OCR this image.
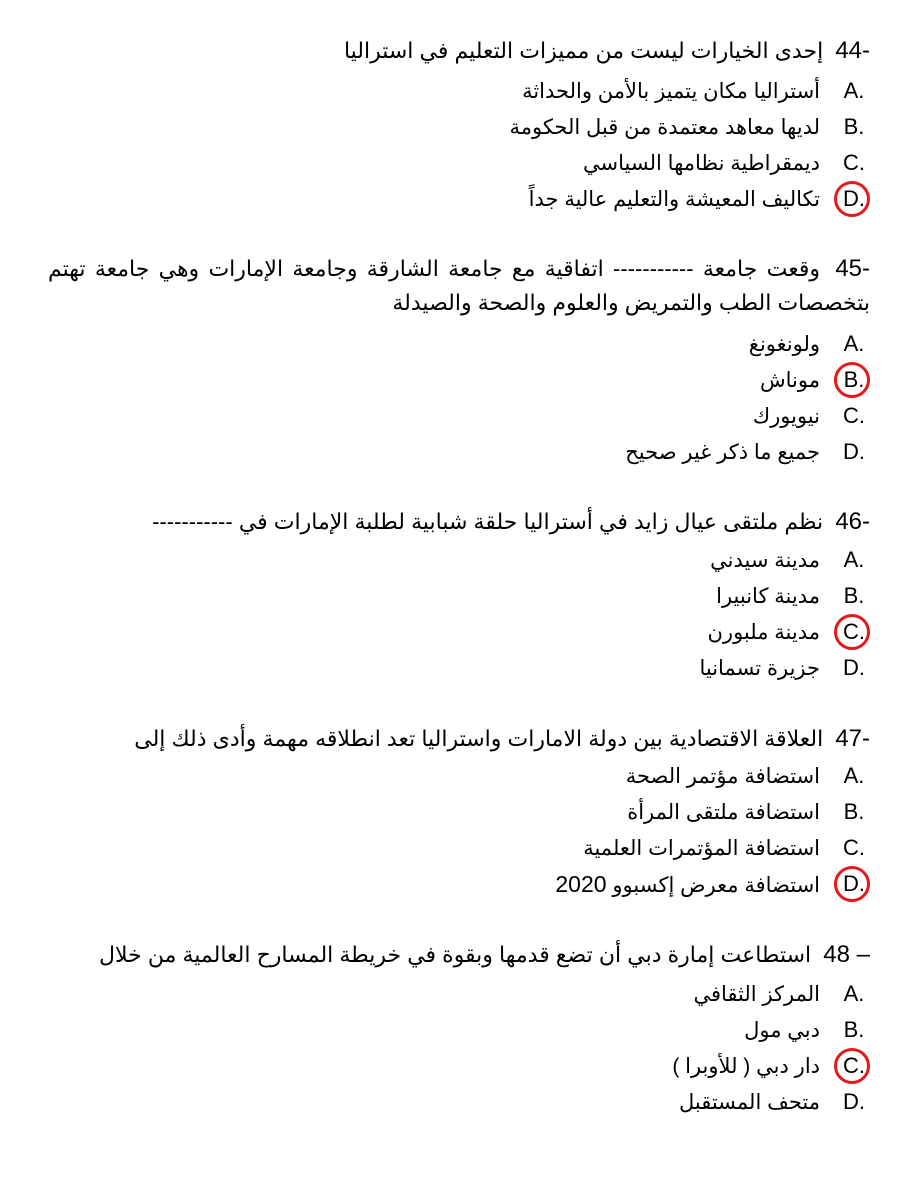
44- إحدى الخيارات ليست من مميزات التعليم في استراليا
A.
أستراليا مكان يتميز بالأمن والحداثة
B.
لديها معاهد معتمدة من قبل الحكومة
C.
ديمقراطية نظامها السياسي
D.
تكاليف المعيشة والتعليم عالية جداً
45- وقعت جامعة ----------- اتفاقية مع جامعة الشارقة وجامعة الإمارات وهي جامعة تهتم بتخصصات الطب والتمريض والعلوم والصحة والصيدلة
A.
ولونغونغ
B.
موناش
C.
نيويورك
D.
جميع ما ذكر غير صحيح
46- نظم ملتقى عيال زايد في أستراليا حلقة شبابية لطلبة الإمارات في -----------
A.
مدينة سيدني
B.
مدينة كانبيرا
C.
مدينة ملبورن
D.
جزيرة تسمانيا
47- العلاقة الاقتصادية بين دولة الامارات واستراليا تعد انطلاقه مهمة وأدى ذلك إلى
A.
استضافة مؤتمر الصحة
B.
استضافة ملتقى المرأة
C.
استضافة المؤتمرات العلمية
D.
استضافة معرض إكسبوو 2020
48 – استطاعت إمارة دبي أن تضع قدمها وبقوة في خريطة المسارح العالمية من خلال
A.
المركز الثقافي
B.
دبي مول
C.
دار دبي ( للأوبرا )
D.
متحف المستقبل
